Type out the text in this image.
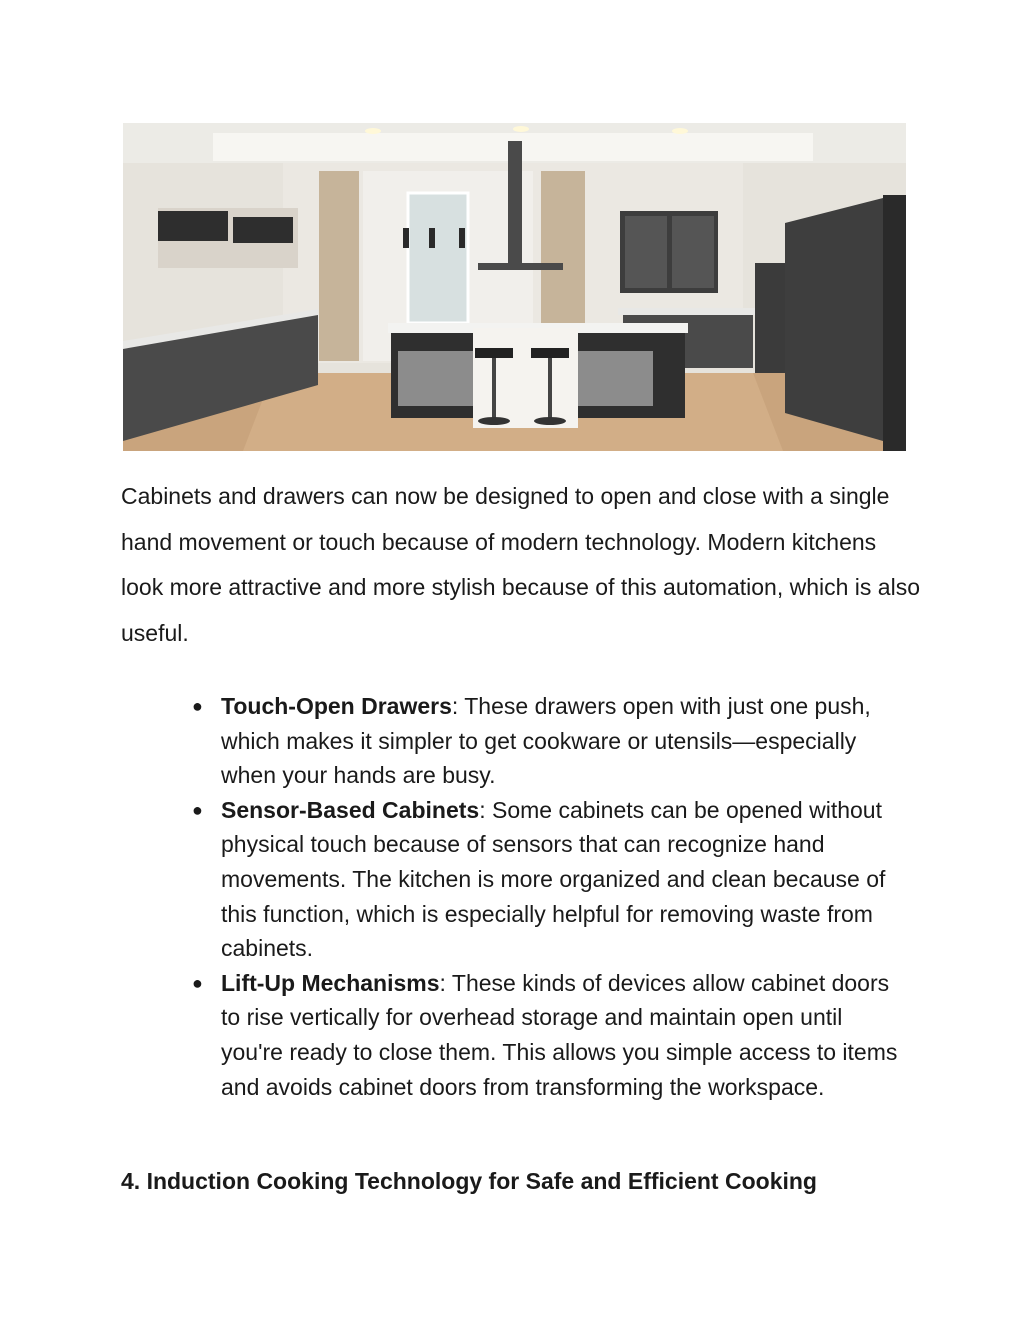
Cabinets and drawers can now be designed to open and close with a single hand movement or touch because of modern technology. Modern kitchens look more attractive and more stylish because of this automation, which is also useful.

● Touch-Open Drawers: These drawers open with just one push, which makes it simpler to get cookware or utensils—especially when your hands are busy.
● Sensor-Based Cabinets: Some cabinets can be opened without physical touch because of sensors that can recognize hand movements. The kitchen is more organized and clean because of this function, which is especially helpful for removing waste from cabinets.
● Lift-Up Mechanisms: These kinds of devices allow cabinet doors to rise vertically for overhead storage and maintain open until you're ready to close them. This allows you simple access to items and avoids cabinet doors from transforming the workspace.
4. Induction Cooking Technology for Safe and Efficient Cooking
